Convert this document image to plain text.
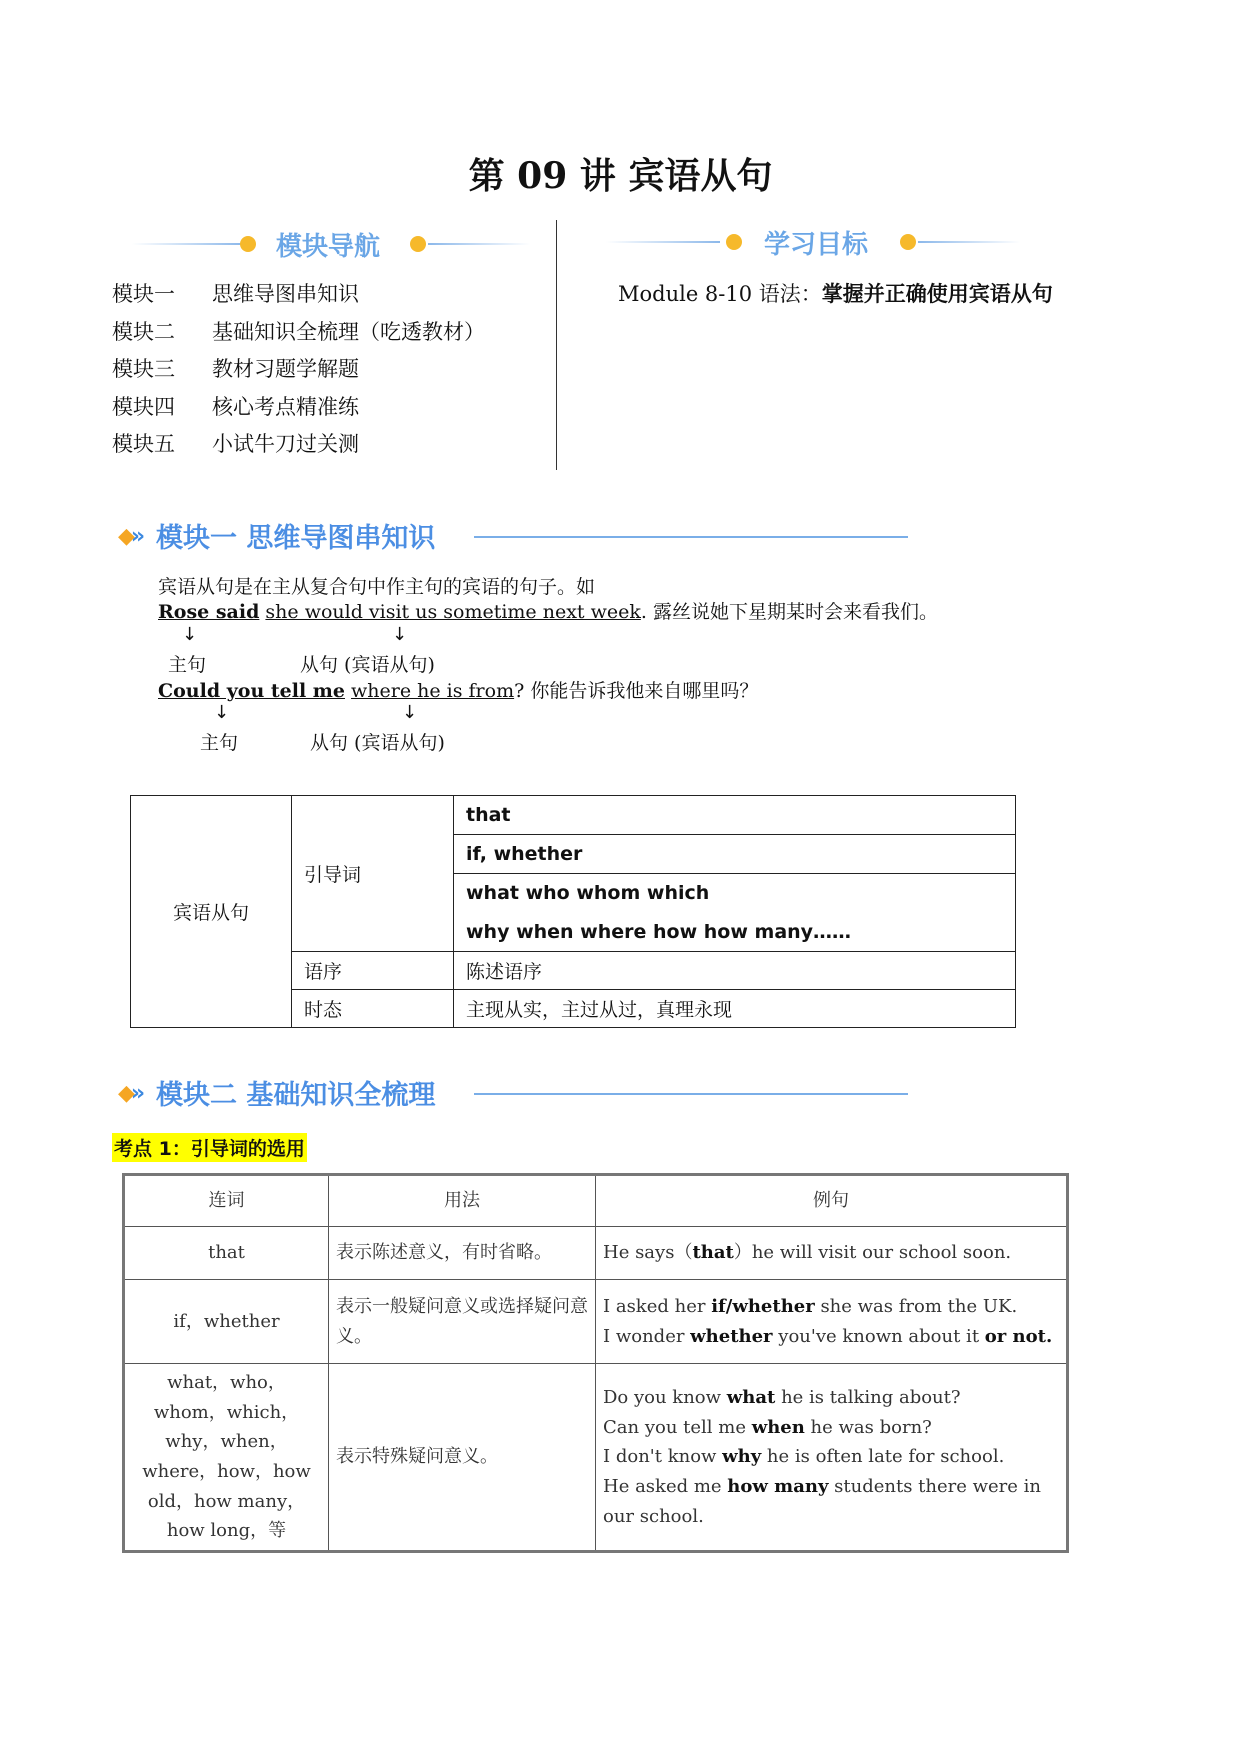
第 09 讲 宾语从句
模块导航	学习目标
模块一 思维导图串知识
模块二 基础知识全梳理（吃透教材）
模块三 教材习题学解题
模块四 核心考点精准练
模块五 小试牛刀过关测
Module 8-10 语法：掌握并正确使用宾语从句
◆» 模块一 思维导图串知识
宾语从句是在主从复合句中作主句的宾语的句子。如
Rose said she would visit us sometime next week. 露丝说她下星期某时会来看我们。
↓	↓
主句	从句 (宾语从句)
Could you tell me where he is from? 你能告诉我他来自哪里吗？
↓	↓
主句	从句 (宾语从句)
宾语从句	引导词	that
		if, whether
		what who whom which
		why when where how how many……
	语序	陈述语序
	时态	主现从实，主过从过，真理永现
◆» 模块二 基础知识全梳理
考点 1：引导词的选用
连词	用法	例句
that	表示陈述意义，有时省略。	He says（that）he will visit our school soon.

if，whether	表示一般疑问意义或选择疑问意义。	I asked her if/whether she was from the UK.
I wonder whether you've known about it or not.

what，who，whom，which，why，when，where，how，how old，how many，how long，等	表示特殊疑问意义。	Do you know what he is talking about?
Can you tell me when he was born?
I don't know why he is often late for school.
He asked me how many students there were in our school.
